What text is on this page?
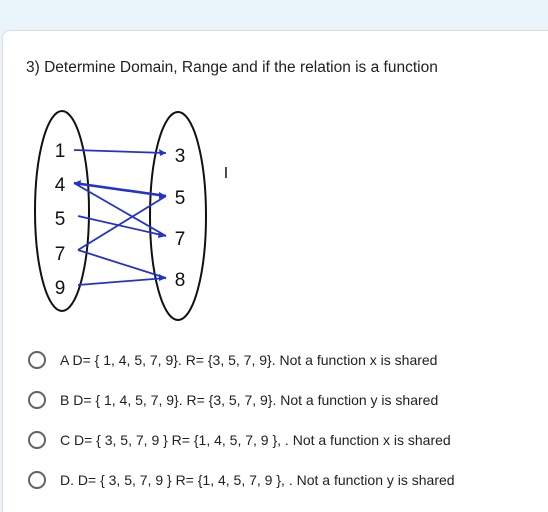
3) Determine Domain, Range and if the relation is a function
1
4
5
7
9
3
5
7
8
I
A D= { 1, 4, 5, 7, 9}. R= {3, 5, 7, 9}. Not a function x is shared
B D= { 1, 4, 5, 7, 9}. R= {3, 5, 7, 9}. Not a function y is shared
C D= { 3, 5, 7, 9 } R= {1, 4, 5, 7, 9 }, . Not a function x is shared
D. D= { 3, 5, 7, 9 } R= {1, 4, 5, 7, 9 }, . Not a function y is shared
